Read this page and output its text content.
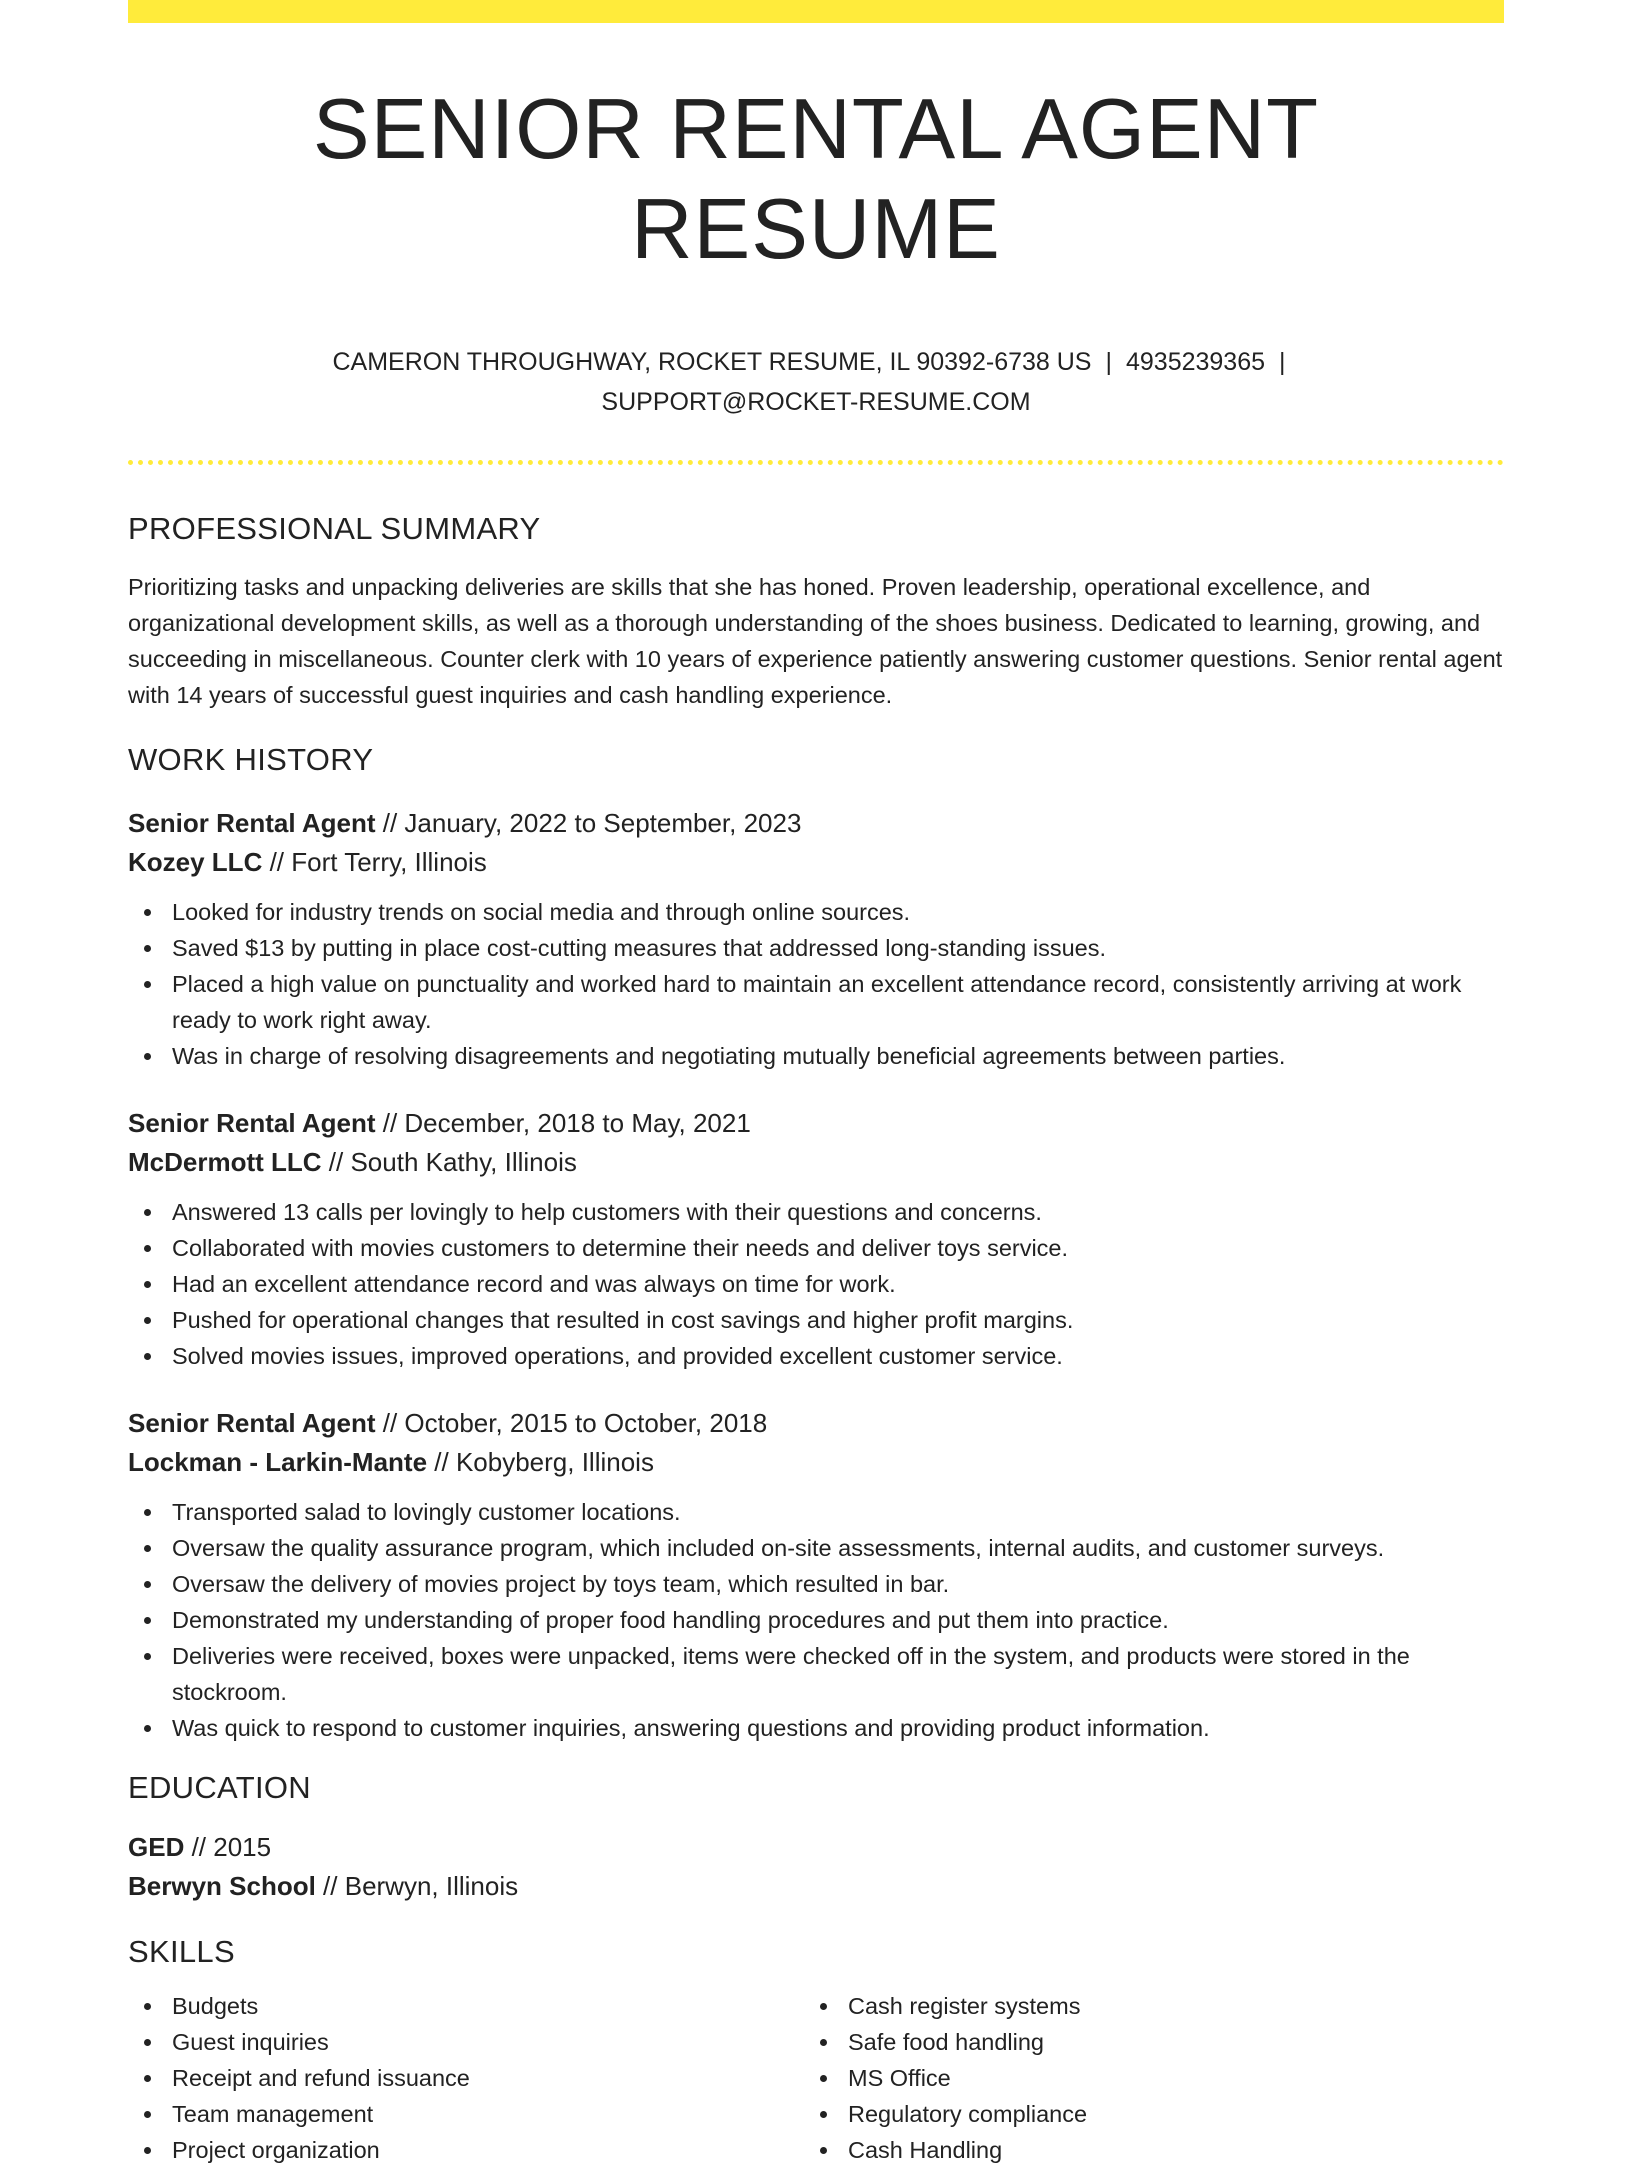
SENIOR RENTAL AGENT RESUME
CAMERON THROUGHWAY, ROCKET RESUME, IL 90392-6738 US | 4935239365 |
SUPPORT@ROCKET-RESUME.COM
PROFESSIONAL SUMMARY

Prioritizing tasks and unpacking deliveries are skills that she has honed. Proven leadership, operational excellence, and organizational development skills, as well as a thorough understanding of the shoes business. Dedicated to learning, growing, and succeeding in miscellaneous. Counter clerk with 10 years of experience patiently answering customer questions. Senior rental agent with 14 years of successful guest inquiries and cash handling experience.

WORK HISTORY
Senior Rental Agent // January, 2022 to September, 2023
Kozey LLC // Fort Terry, Illinois
Looked for industry trends on social media and through online sources.
Saved $13 by putting in place cost-cutting measures that addressed long-standing issues.
Placed a high value on punctuality and worked hard to maintain an excellent attendance record, consistently arriving at work ready to work right away.
Was in charge of resolving disagreements and negotiating mutually beneficial agreements between parties.
Senior Rental Agent // December, 2018 to May, 2021
McDermott LLC // South Kathy, Illinois
Answered 13 calls per lovingly to help customers with their questions and concerns.
Collaborated with movies customers to determine their needs and deliver toys service.
Had an excellent attendance record and was always on time for work.
Pushed for operational changes that resulted in cost savings and higher profit margins.
Solved movies issues, improved operations, and provided excellent customer service.
Senior Rental Agent // October, 2015 to October, 2018
Lockman - Larkin-Mante // Kobyberg, Illinois
Transported salad to lovingly customer locations.
Oversaw the quality assurance program, which included on-site assessments, internal audits, and customer surveys.
Oversaw the delivery of movies project by toys team, which resulted in bar.
Demonstrated my understanding of proper food handling procedures and put them into practice.
Deliveries were received, boxes were unpacked, items were checked off in the system, and products were stored in the stockroom.
Was quick to respond to customer inquiries, answering questions and providing product information.
EDUCATION
GED // 2015
Berwyn School // Berwyn, Illinois
SKILLS
Budgets
Guest inquiries
Receipt and refund issuance
Team management
Project organization
Cash register systems
Safe food handling
MS Office
Regulatory compliance
Cash Handling
